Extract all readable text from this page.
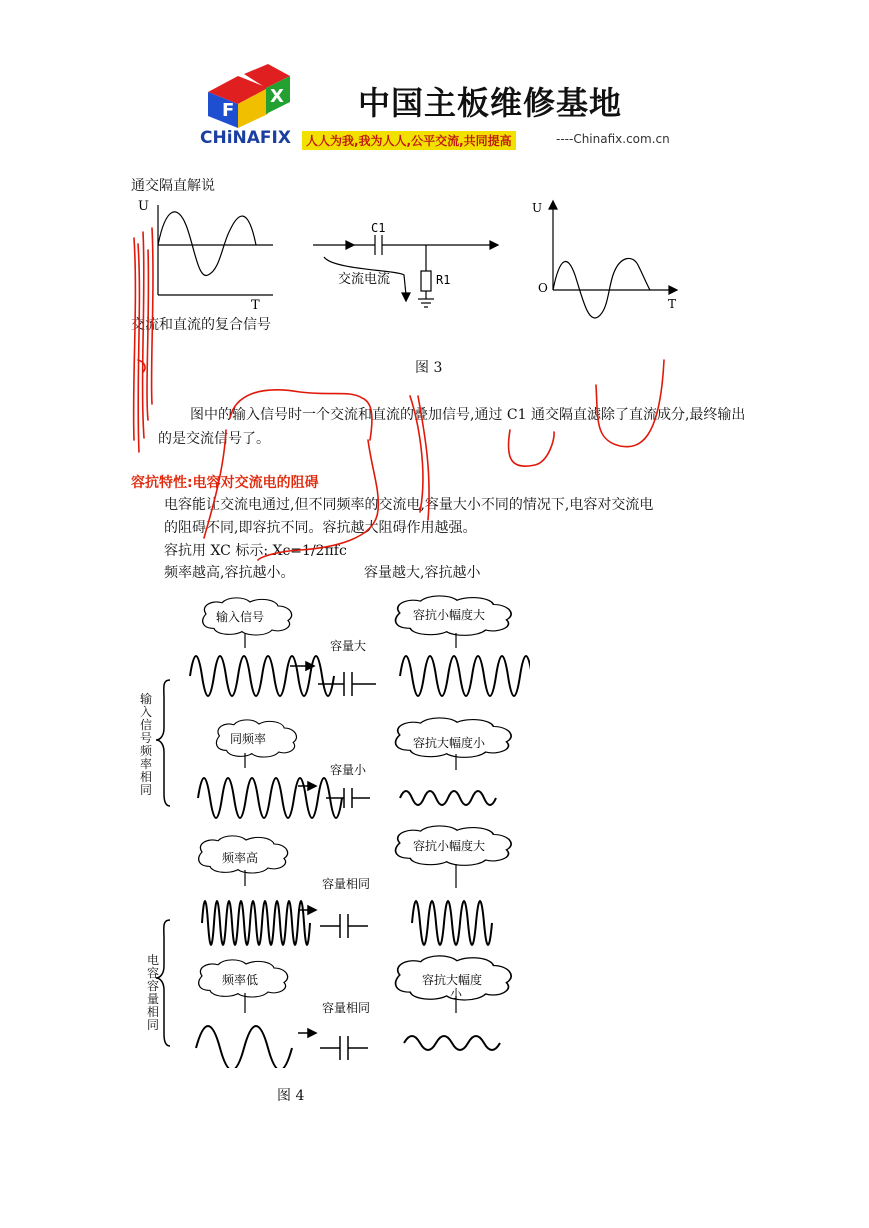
F
X 中国主板维修基地
CHiNAFIX	人人为我,我为人人,公平交流,共同提高	----Chinafix.com.cn
通交隔直解说
U
T
C1
R1
交流电流
U
O
T
交流和直流的复合信号
图 3
图中的输入信号时一个交流和直流的叠加信号,通过 C1 通交隔直滤除了直流成分,最终输出的是交流信号了。
容抗特性:电容对交流电的阻碍
电容能让交流电通过,但不同频率的交流电,容量大小不同的情况下,电容对交流电
的阻碍不同,即容抗不同。容抗越大阻碍作用越强。
容抗用 XC 标示: Xc=1/2πfc
频率越高,容抗越小。	容量越大,容抗越小
输入信号	容抗小幅度大
容量大
同频率	容抗大幅度小
容量小
频率高
容抗小幅度大
容量相同
频率低	容抗大幅度
小
容量相同
输入信号频率相同
电容容量相同
图 4
